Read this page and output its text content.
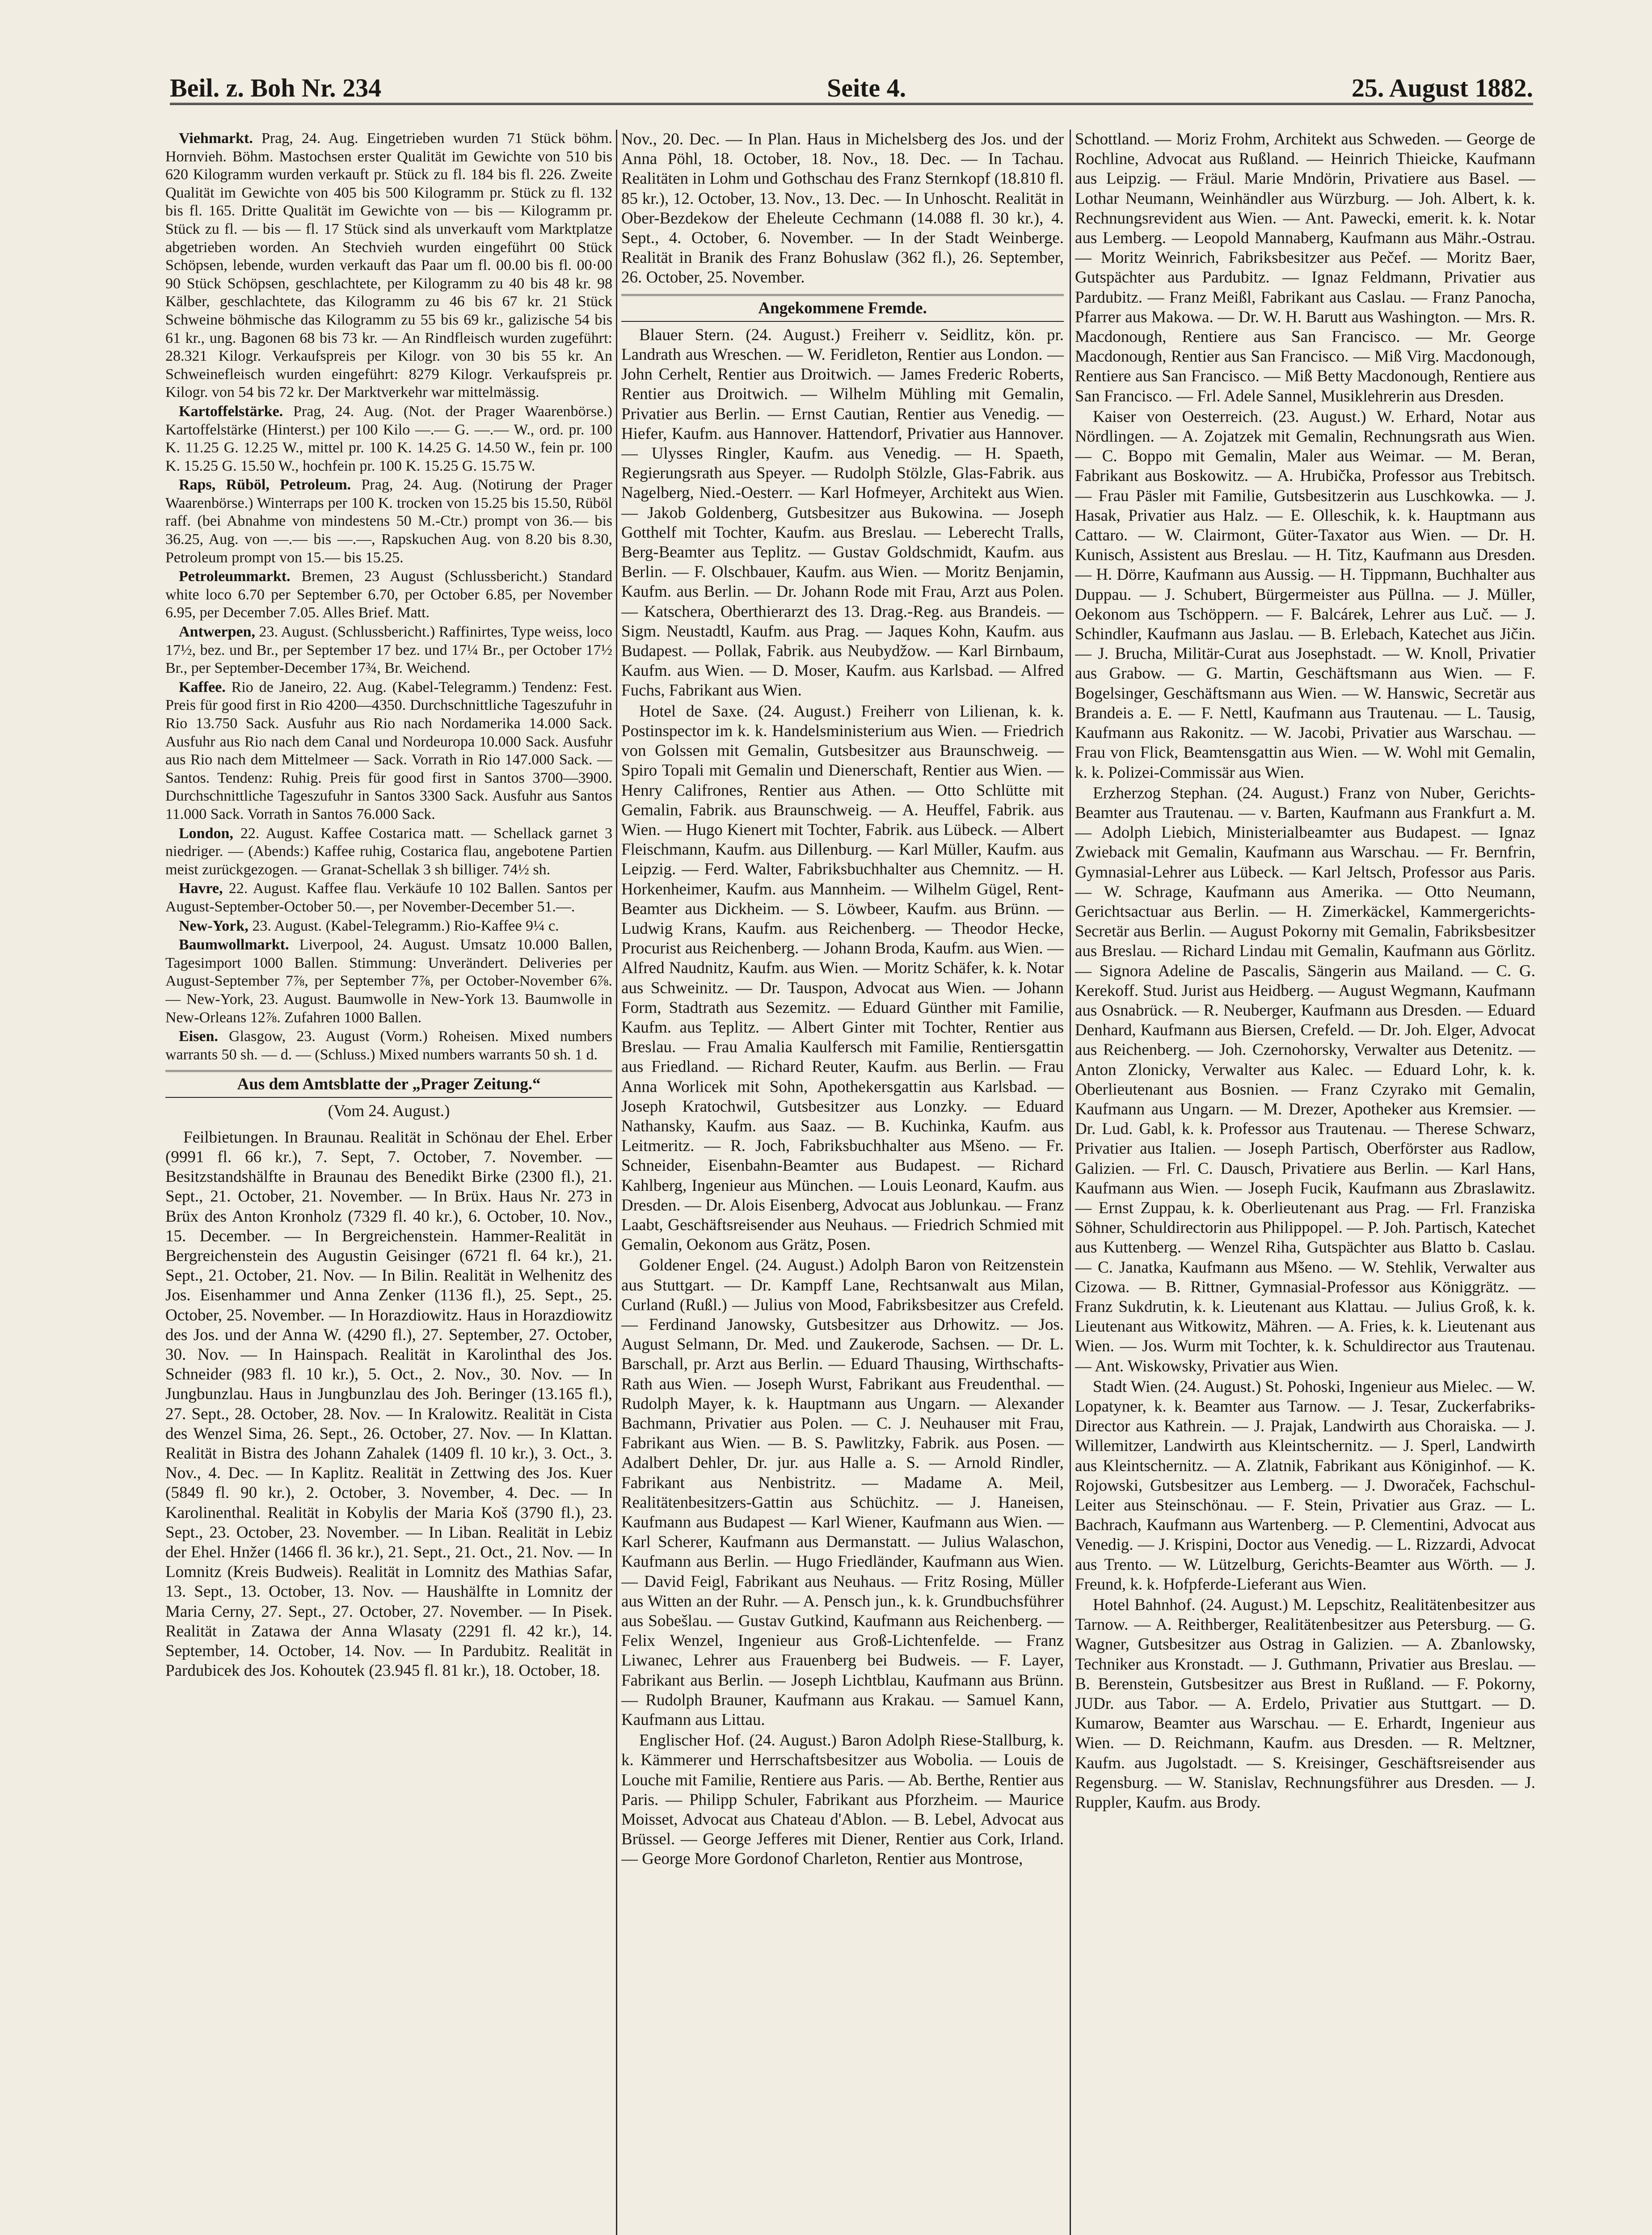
Beil. z. Boh Nr. 234	Seite 4.	25. August 1882.

Viehmarkt. Prag, 24. Aug. Eingetrieben wurden 71 Stück böhm. Hornvieh. Böhm. Mastochsen erster Qualität im Gewichte von 510 bis 620 Kilogramm wurden verkauft pr. Stück zu fl. 184 bis fl. 226. Zweite Qualität im Gewichte von 405 bis 500 Kilogramm pr. Stück zu fl. 132 bis fl. 165. Dritte Qualität im Gewichte von — bis — Kilogramm pr. Stück zu fl. — bis — fl. 17 Stück sind als unverkauft vom Marktplatze abgetrieben worden. An Stechvieh wurden eingeführt 00 Stück Schöpsen, lebende, wurden verkauft das Paar um fl. 00.00 bis fl. 00·00 90 Stück Schöpsen, geschlachtete, per Kilogramm zu 40 bis 48 kr. 98 Kälber, geschlachtete, das Kilogramm zu 46 bis 67 kr. 21 Stück Schweine böhmische das Kilogramm zu 55 bis 69 kr., galizische 54 bis 61 kr., ung. Bagonen 68 bis 73 kr. — An Rindfleisch wurden zugeführt: 28.321 Kilogr. Verkaufspreis per Kilogr. von 30 bis 55 kr. An Schweinefleisch wurden eingeführt: 8279 Kilogr. Verkaufspreis pr. Kilogr. von 54 bis 72 kr. Der Marktverkehr war mittelmässig.

Kartoffelstärke. Prag, 24. Aug. (Not. der Prager Waarenbörse.) Kartoffelstärke (Hinterst.) per 100 Kilo —.— G. —.— W., ord. pr. 100 K. 11.25 G. 12.25 W., mittel pr. 100 K. 14.25 G. 14.50 W., fein pr. 100 K. 15.25 G. 15.50 W., hochfein pr. 100 K. 15.25 G. 15.75 W.

Raps, Rüböl, Petroleum. Prag, 24. Aug. (Notirung der Prager Waarenbörse.) Winterraps per 100 K. trocken von 15.25 bis 15.50, Rüböl raff. (bei Abnahme von mindestens 50 M.-Ctr.) prompt von 36.— bis 36.25, Aug. von —.— bis —.—, Rapskuchen Aug. von 8.20 bis 8.30, Petroleum prompt von 15.— bis 15.25.

Petroleummarkt. Bremen, 23 August (Schlussbericht.) Standard white loco 6.70 per September 6.70, per October 6.85, per November 6.95, per December 7.05. Alles Brief. Matt.

Antwerpen, 23. August. (Schlussbericht.) Raffinirtes, Type weiss, loco 17½, bez. und Br., per September 17 bez. und 17¼ Br., per October 17½ Br., per September-December 17¾, Br. Weichend.

Kaffee. Rio de Janeiro, 22. Aug. (Kabel-Telegramm.) Tendenz: Fest. Preis für good first in Rio 4200—4350. Durchschnittliche Tageszufuhr in Rio 13.750 Sack. Ausfuhr aus Rio nach Nordamerika 14.000 Sack. Ausfuhr aus Rio nach dem Canal und Nordeuropa 10.000 Sack. Ausfuhr aus Rio nach dem Mittelmeer — Sack. Vorrath in Rio 147.000 Sack. — Santos. Tendenz: Ruhig. Preis für good first in Santos 3700—3900. Durchschnittliche Tageszufuhr in Santos 3300 Sack. Ausfuhr aus Santos 11.000 Sack. Vorrath in Santos 76.000 Sack.

London, 22. August. Kaffee Costarica matt. — Schellack garnet 3 niedriger. — (Abends:) Kaffee ruhig, Costarica flau, angebotene Partien meist zurückgezogen. — Granat-Schellak 3 sh billiger. 74½ sh.

Havre, 22. August. Kaffee flau. Verkäufe 10 102 Ballen. Santos per August-September-October 50.—, per November-December 51.—.

New-York, 23. August. (Kabel-Telegramm.) Rio-Kaffee 9¼ c.

Baumwollmarkt. Liverpool, 24. August. Umsatz 10.000 Ballen, Tagesimport 1000 Ballen. Stimmung: Unverändert. Deliveries per August-September 7⅞, per September 7⅞, per October-November 6⅞. — New-York, 23. August. Baumwolle in New-York 13. Baumwolle in New-Orleans 12⅞. Zufahren 1000 Ballen.

Eisen. Glasgow, 23. August (Vorm.) Roheisen. Mixed numbers warrants 50 sh. — d. — (Schluss.) Mixed numbers warrants 50 sh. 1 d.

Aus dem Amtsblatte der „Prager Zeitung.“
(Vom 24. August.)

Feilbietungen. In Braunau. Realität in Schönau der Ehel. Erber (9991 fl. 66 kr.), 7. Sept, 7. October, 7. November. — Besitzstandshälfte in Braunau des Benedikt Birke (2300 fl.), 21. Sept., 21. October, 21. November. — In Brüx. Haus Nr. 273 in Brüx des Anton Kronholz (7329 fl. 40 kr.), 6. October, 10. Nov., 15. December. — In Bergreichenstein. Hammer-Realität in Bergreichenstein des Augustin Geisinger (6721 fl. 64 kr.), 21. Sept., 21. October, 21. Nov. — In Bilin. Realität in Welhenitz des Jos. Eisenhammer und Anna Zenker (1136 fl.), 25. Sept., 25. October, 25. November. — In Horazdiowitz. Haus in Horazdiowitz des Jos. und der Anna W. (4290 fl.), 27. September, 27. October, 30. Nov. — In Hainspach. Realität in Karolinthal des Jos. Schneider (983 fl. 10 kr.), 5. Oct., 2. Nov., 30. Nov. — In Jungbunzlau. Haus in Jungbunzlau des Joh. Beringer (13.165 fl.), 27. Sept., 28. October, 28. Nov. — In Kralowitz. Realität in Cista des Wenzel Sima, 26. Sept., 26. October, 27. Nov. — In Klattan. Realität in Bistra des Johann Zahalek (1409 fl. 10 kr.), 3. Oct., 3. Nov., 4. Dec. — In Kaplitz. Realität in Zettwing des Jos. Kuer (5849 fl. 90 kr.), 2. October, 3. November, 4. Dec. — In Karolinenthal. Realität in Kobylis der Maria Koš (3790 fl.), 23. Sept., 23. October, 23. November. — In Liban. Realität in Lebiz der Ehel. Hnžer (1466 fl. 36 kr.), 21. Sept., 21. Oct., 21. Nov. — In Lomnitz (Kreis Budweis). Realität in Lomnitz des Mathias Safar, 13. Sept., 13. October, 13. Nov. — Haushälfte in Lomnitz der Maria Cerny, 27. Sept., 27. October, 27. November. — In Pisek. Realität in Zatawa der Anna Wlasaty (2291 fl. 42 kr.), 14. September, 14. October, 14. Nov. — In Pardubitz. Realität in Pardubicek des Jos. Kohoutek (23.945 fl. 81 kr.), 18. October, 18.

Nov., 20. Dec. — In Plan. Haus in Michelsberg des Jos. und der Anna Pöhl, 18. October, 18. Nov., 18. Dec. — In Tachau. Realitäten in Lohm und Gothschau des Franz Sternkopf (18.810 fl. 85 kr.), 12. October, 13. Nov., 13. Dec. — In Unhoscht. Realität in Ober-Bezdekow der Eheleute Cechmann (14.088 fl. 30 kr.), 4. Sept., 4. October, 6. November. — In der Stadt Weinberge. Realität in Branik des Franz Bohuslaw (362 fl.), 26. September, 26. October, 25. November.

Angekommene Fremde.

Blauer Stern. (24. August.) Freiherr v. Seidlitz, kön. pr. Landrath aus Wreschen. — W. Feridleton, Rentier aus London. — John Cerhelt, Rentier aus Droitwich. — James Frederic Roberts, Rentier aus Droitwich. — Wilhelm Mühling mit Gemalin, Privatier aus Berlin. — Ernst Cautian, Rentier aus Venedig. — Hiefer, Kaufm. aus Hannover. Hattendorf, Privatier aus Hannover. — Ulysses Ringler, Kaufm. aus Venedig. — H. Spaeth, Regierungsrath aus Speyer. — Rudolph Stölzle, Glas-Fabrik. aus Nagelberg, Nied.-Oesterr. — Karl Hofmeyer, Architekt aus Wien. — Jakob Goldenberg, Gutsbesitzer aus Bukowina. — Joseph Gotthelf mit Tochter, Kaufm. aus Breslau. — Leberecht Tralls, Berg-Beamter aus Teplitz. — Gustav Goldschmidt, Kaufm. aus Berlin. — F. Olschbauer, Kaufm. aus Wien. — Moritz Benjamin, Kaufm. aus Berlin. — Dr. Johann Rode mit Frau, Arzt aus Polen. — Katschera, Oberthierarzt des 13. Drag.-Reg. aus Brandeis. — Sigm. Neustadtl, Kaufm. aus Prag. — Jaques Kohn, Kaufm. aus Budapest. — Pollak, Fabrik. aus Neubydžow. — Karl Birnbaum, Kaufm. aus Wien. — D. Moser, Kaufm. aus Karlsbad. — Alfred Fuchs, Fabrikant aus Wien.

Hotel de Saxe. (24. August.) Freiherr von Lilienan, k. k. Postinspector im k. k. Handelsministerium aus Wien. — Friedrich von Golssen mit Gemalin, Gutsbesitzer aus Braunschweig. — Spiro Topali mit Gemalin und Dienerschaft, Rentier aus Wien. — Henry Califrones, Rentier aus Athen. — Otto Schlütte mit Gemalin, Fabrik. aus Braunschweig. — A. Heuffel, Fabrik. aus Wien. — Hugo Kienert mit Tochter, Fabrik. aus Lübeck. — Albert Fleischmann, Kaufm. aus Dillenburg. — Karl Müller, Kaufm. aus Leipzig. — Ferd. Walter, Fabriksbuchhalter aus Chemnitz. — H. Horkenheimer, Kaufm. aus Mannheim. — Wilhelm Gügel, Rent-Beamter aus Dickheim. — S. Löwbeer, Kaufm. aus Brünn. — Ludwig Krans, Kaufm. aus Reichenberg. — Theodor Hecke, Procurist aus Reichenberg. — Johann Broda, Kaufm. aus Wien. — Alfred Naudnitz, Kaufm. aus Wien. — Moritz Schäfer, k. k. Notar aus Schweinitz. — Dr. Tauspon, Advocat aus Wien. — Johann Form, Stadtrath aus Sezemitz. — Eduard Günther mit Familie, Kaufm. aus Teplitz. — Albert Ginter mit Tochter, Rentier aus Breslau. — Frau Amalia Kaulfersch mit Familie, Rentiersgattin aus Friedland. — Richard Reuter, Kaufm. aus Berlin. — Frau Anna Worlicek mit Sohn, Apothekersgattin aus Karlsbad. — Joseph Kratochwil, Gutsbesitzer aus Lonzky. — Eduard Nathansky, Kaufm. aus Saaz. — B. Kuchinka, Kaufm. aus Leitmeritz. — R. Joch, Fabriksbuchhalter aus Mšeno. — Fr. Schneider, Eisenbahn-Beamter aus Budapest. — Richard Kahlberg, Ingenieur aus München. — Louis Leonard, Kaufm. aus Dresden. — Dr. Alois Eisenberg, Advocat aus Joblunkau. — Franz Laabt, Geschäftsreisender aus Neuhaus. — Friedrich Schmied mit Gemalin, Oekonom aus Grätz, Posen.

Goldener Engel. (24. August.) Adolph Baron von Reitzenstein aus Stuttgart. — Dr. Kampff Lane, Rechtsanwalt aus Milan, Curland (Rußl.) — Julius von Mood, Fabriksbesitzer aus Crefeld. — Ferdinand Janowsky, Gutsbesitzer aus Drhowitz. — Jos. August Selmann, Dr. Med. und Zaukerode, Sachsen. — Dr. L. Barschall, pr. Arzt aus Berlin. — Eduard Thausing, Wirthschafts-Rath aus Wien. — Joseph Wurst, Fabrikant aus Freudenthal. — Rudolph Mayer, k. k. Hauptmann aus Ungarn. — Alexander Bachmann, Privatier aus Polen. — C. J. Neuhauser mit Frau, Fabrikant aus Wien. — B. S. Pawlitzky, Fabrik. aus Posen. — Adalbert Dehler, Dr. jur. aus Halle a. S. — Arnold Rindler, Fabrikant aus Nenbistritz. — Madame A. Meil, Realitätenbesitzers-Gattin aus Schüchitz. — J. Haneisen, Kaufmann aus Budapest — Karl Wiener, Kaufmann aus Wien. — Karl Scherer, Kaufmann aus Dermanstatt. — Julius Walaschon, Kaufmann aus Berlin. — Hugo Friedländer, Kaufmann aus Wien. — David Feigl, Fabrikant aus Neuhaus. — Fritz Rosing, Müller aus Witten an der Ruhr. — A. Pensch jun., k. k. Grundbuchsführer aus Sobešlau. — Gustav Gutkind, Kaufmann aus Reichenberg. — Felix Wenzel, Ingenieur aus Groß-Lichtenfelde. — Franz Liwanec, Lehrer aus Frauenberg bei Budweis. — F. Layer, Fabrikant aus Berlin. — Joseph Lichtblau, Kaufmann aus Brünn. — Rudolph Brauner, Kaufmann aus Krakau. — Samuel Kann, Kaufmann aus Littau.

Englischer Hof. (24. August.) Baron Adolph Riese-Stallburg, k. k. Kämmerer und Herrschaftsbesitzer aus Wobolia. — Louis de Louche mit Familie, Rentiere aus Paris. — Ab. Berthe, Rentier aus Paris. — Philipp Schuler, Fabrikant aus Pforzheim. — Maurice Moisset, Advocat aus Chateau d'Ablon. — B. Lebel, Advocat aus Brüssel. — George Jefferes mit Diener, Rentier aus Cork, Irland. — George More Gordonof Charleton, Rentier aus Montrose,

Schottland. — Moriz Frohm, Architekt aus Schweden. — George de Rochline, Advocat aus Rußland. — Heinrich Thieicke, Kaufmann aus Leipzig. — Fräul. Marie Mndörin, Privatiere aus Basel. — Lothar Neumann, Weinhändler aus Würzburg. — Joh. Albert, k. k. Rechnungsrevident aus Wien. — Ant. Pawecki, emerit. k. k. Notar aus Lemberg. — Leopold Mannaberg, Kaufmann aus Mähr.-Ostrau. — Moritz Weinrich, Fabriksbesitzer aus Pečef. — Moritz Baer, Gutspächter aus Pardubitz. — Ignaz Feldmann, Privatier aus Pardubitz. — Franz Meißl, Fabrikant aus Caslau. — Franz Panocha, Pfarrer aus Makowa. — Dr. W. H. Barutt aus Washington. — Mrs. R. Macdonough, Rentiere aus San Francisco. — Mr. George Macdonough, Rentier aus San Francisco. — Miß Virg. Macdonough, Rentiere aus San Francisco. — Miß Betty Macdonough, Rentiere aus San Francisco. — Frl. Adele Sannel, Musiklehrerin aus Dresden.

Kaiser von Oesterreich. (23. August.) W. Erhard, Notar aus Nördlingen. — A. Zojatzek mit Gemalin, Rechnungsrath aus Wien. — C. Boppo mit Gemalin, Maler aus Weimar. — M. Beran, Fabrikant aus Boskowitz. — A. Hrubička, Professor aus Trebitsch. — Frau Päsler mit Familie, Gutsbesitzerin aus Luschkowka. — J. Hasak, Privatier aus Halz. — E. Olleschik, k. k. Hauptmann aus Cattaro. — W. Clairmont, Güter-Taxator aus Wien. — Dr. H. Kunisch, Assistent aus Breslau. — H. Titz, Kaufmann aus Dresden. — H. Dörre, Kaufmann aus Aussig. — H. Tippmann, Buchhalter aus Duppau. — J. Schubert, Bürgermeister aus Püllna. — J. Müller, Oekonom aus Tschöppern. — F. Balcárek, Lehrer aus Luč. — J. Schindler, Kaufmann aus Jaslau. — B. Erlebach, Katechet aus Jičin. — J. Brucha, Militär-Curat aus Josephstadt. — W. Knoll, Privatier aus Grabow. — G. Martin, Geschäftsmann aus Wien. — F. Bogelsinger, Geschäftsmann aus Wien. — W. Hanswic, Secretär aus Brandeis a. E. — F. Nettl, Kaufmann aus Trautenau. — L. Tausig, Kaufmann aus Rakonitz. — W. Jacobi, Privatier aus Warschau. — Frau von Flick, Beamtensgattin aus Wien. — W. Wohl mit Gemalin, k. k. Polizei-Commissär aus Wien.

Erzherzog Stephan. (24. August.) Franz von Nuber, Gerichts-Beamter aus Trautenau. — v. Barten, Kaufmann aus Frankfurt a. M. — Adolph Liebich, Ministerialbeamter aus Budapest. — Ignaz Zwieback mit Gemalin, Kaufmann aus Warschau. — Fr. Bernfrin, Gymnasial-Lehrer aus Lübeck. — Karl Jeltsch, Professor aus Paris. — W. Schrage, Kaufmann aus Amerika. — Otto Neumann, Gerichtsactuar aus Berlin. — H. Zimerkäckel, Kammergerichts-Secretär aus Berlin. — August Pokorny mit Gemalin, Fabriksbesitzer aus Breslau. — Richard Lindau mit Gemalin, Kaufmann aus Görlitz. — Signora Adeline de Pascalis, Sängerin aus Mailand. — C. G. Kerekoff. Stud. Jurist aus Heidberg. — August Wegmann, Kaufmann aus Osnabrück. — R. Neuberger, Kaufmann aus Dresden. — Eduard Denhard, Kaufmann aus Biersen, Crefeld. — Dr. Joh. Elger, Advocat aus Reichenberg. — Joh. Czernohorsky, Verwalter aus Detenitz. — Anton Zlonicky, Verwalter aus Kalec. — Eduard Lohr, k. k. Oberlieutenant aus Bosnien. — Franz Czyrako mit Gemalin, Kaufmann aus Ungarn. — M. Drezer, Apotheker aus Kremsier. — Dr. Lud. Gabl, k. k. Professor aus Trautenau. — Therese Schwarz, Privatier aus Italien. — Joseph Partisch, Oberförster aus Radlow, Galizien. — Frl. C. Dausch, Privatiere aus Berlin. — Karl Hans, Kaufmann aus Wien. — Joseph Fucik, Kaufmann aus Zbraslawitz. — Ernst Zuppau, k. k. Oberlieutenant aus Prag. — Frl. Franziska Söhner, Schuldirectorin aus Philippopel. — P. Joh. Partisch, Katechet aus Kuttenberg. — Wenzel Riha, Gutspächter aus Blatto b. Caslau. — C. Janatka, Kaufmann aus Mšeno. — W. Stehlik, Verwalter aus Cizowa. — B. Rittner, Gymnasial-Professor aus Königgrätz. — Franz Sukdrutin, k. k. Lieutenant aus Klattau. — Julius Groß, k. k. Lieutenant aus Witkowitz, Mähren. — A. Fries, k. k. Lieutenant aus Wien. — Jos. Wurm mit Tochter, k. k. Schuldirector aus Trautenau. — Ant. Wiskowsky, Privatier aus Wien.

Stadt Wien. (24. August.) St. Pohoski, Ingenieur aus Mielec. — W. Lopatyner, k. k. Beamter aus Tarnow. — J. Tesar, Zuckerfabriks-Director aus Kathrein. — J. Prajak, Landwirth aus Choraiska. — J. Willemitzer, Landwirth aus Kleintschernitz. — J. Sperl, Landwirth aus Kleintschernitz. — A. Zlatnik, Fabrikant aus Königinhof. — K. Rojowski, Gutsbesitzer aus Lemberg. — J. Dworaček, Fachschul-Leiter aus Steinschönau. — F. Stein, Privatier aus Graz. — L. Bachrach, Kaufmann aus Wartenberg. — P. Clementini, Advocat aus Venedig. — J. Krispini, Doctor aus Venedig. — L. Rizzardi, Advocat aus Trento. — W. Lützelburg, Gerichts-Beamter aus Wörth. — J. Freund, k. k. Hofpferde-Lieferant aus Wien.

Hotel Bahnhof. (24. August.) M. Lepschitz, Realitätenbesitzer aus Tarnow. — A. Reithberger, Realitätenbesitzer aus Petersburg. — G. Wagner, Gutsbesitzer aus Ostrag in Galizien. — A. Zbanlowsky, Techniker aus Kronstadt. — J. Guthmann, Privatier aus Breslau. — B. Berenstein, Gutsbesitzer aus Brest in Rußland. — F. Pokorny, JUDr. aus Tabor. — A. Erdelo, Privatier aus Stuttgart. — D. Kumarow, Beamter aus Warschau. — E. Erhardt, Ingenieur aus Wien. — D. Reichmann, Kaufm. aus Dresden. — R. Meltzner, Kaufm. aus Jugolstadt. — S. Kreisinger, Geschäftsreisender aus Regensburg. — W. Stanislav, Rechnungsführer aus Dresden. — J. Ruppler, Kaufm. aus Brody.
